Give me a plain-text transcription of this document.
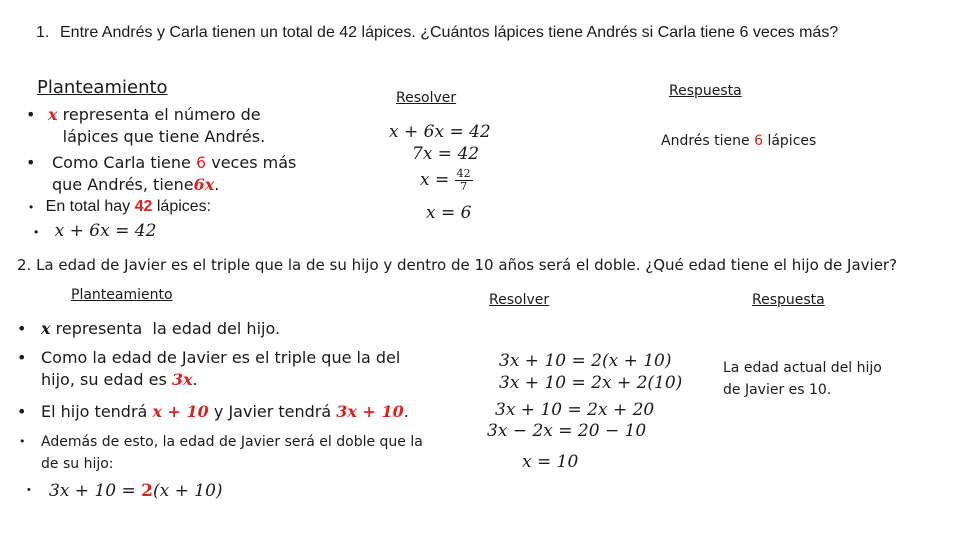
1. Entre Andrés y Carla tienen un total de 42 lápices. ¿Cuántos lápices tiene Andrés si Carla tiene 6 veces más?
Planteamiento	Resolver	Respuesta
• x representa el número de lápices que tiene Andrés.
• Como Carla tiene 6 veces más que Andrés, tiene6x.
• En total hay 42 lápices:
• x + 6x = 42
x + 6x = 42
7x = 42
$x = \frac{42}{7}$
x = 6
Andrés tiene 6 lápices
2. La edad de Javier es el triple que la de su hijo y dentro de 10 años será el doble. ¿Qué edad tiene el hijo de Javier?
Planteamiento	Resolver	Respuesta
• x representa  la edad del hijo.
• Como la edad de Javier es el triple que la del
hijo, su edad es 3x.
• El hijo tendrá x + 10 y Javier tendrá 3x + 10.
• Además de esto, la edad de Javier será el doble que la
de su hijo:
• 3x + 10 = 2(x + 10)
3x + 10 = 2(x + 10)
3x + 10 = 2x + 2(10)
3x + 10 = 2x + 20
3x − 2x = 20 − 10
x = 10
La edad actual del hijo
de Javier es 10.
